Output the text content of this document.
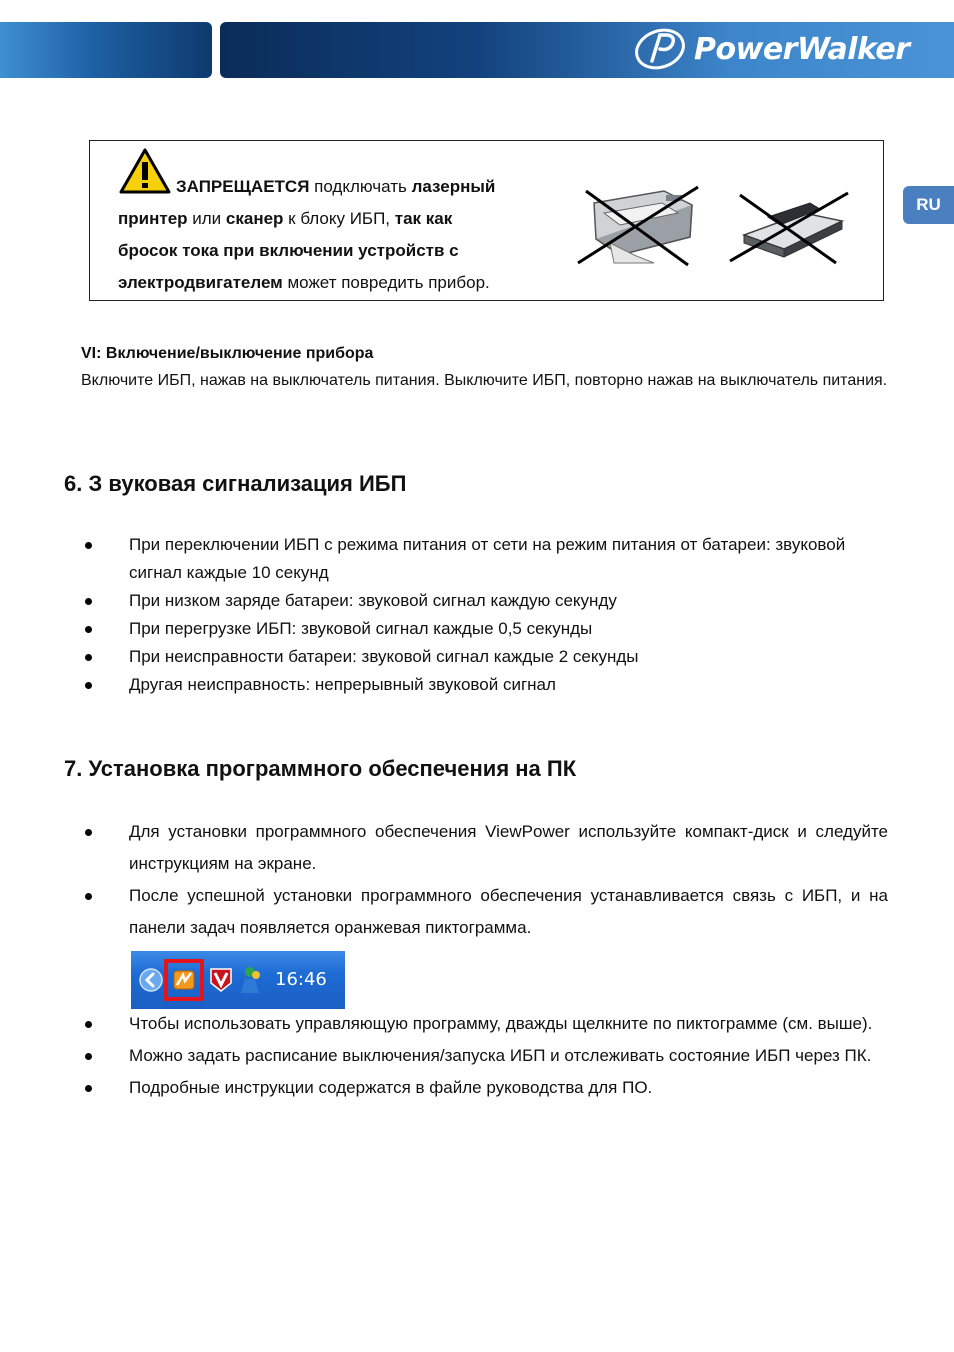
PowerWalker
RU
ЗАПРЕЩАЕТСЯ подключать лазерный
принтер или сканер к блоку ИБП, так как
бросок тока при включении устройств с
электродвигателем может повредить прибор.
VI: Включение/выключение прибора
Включите ИБП, нажав на выключатель питания. Выключите ИБП, повторно нажав на выключатель питания.
6. З вуковая сигнализация ИБП
При переключении ИБП с режима питания от сети на режим питания от батареи: звуковой сигнал каждые 10 секунд
При низком заряде батареи: звуковой сигнал каждую секунду
При перегрузке ИБП: звуковой сигнал каждые 0,5 секунды
При неисправности батареи: звуковой сигнал каждые 2 секунды
Другая неисправность: непрерывный звуковой сигнал
7. Установка программного обеспечения на ПК
Для установки программного обеспечения ViewPower используйте компакт-диск и следуйте инструкциям на экране.
После успешной установки программного обеспечения устанавливается связь с ИБП, и на панели задач появляется оранжевая пиктограмма.
16:46
Чтобы использовать управляющую программу, дважды щелкните по пиктограмме (см. выше).
Можно задать расписание выключения/запуска ИБП и отслеживать состояние ИБП через ПК.
Подробные инструкции содержатся в файле руководства для ПО.
